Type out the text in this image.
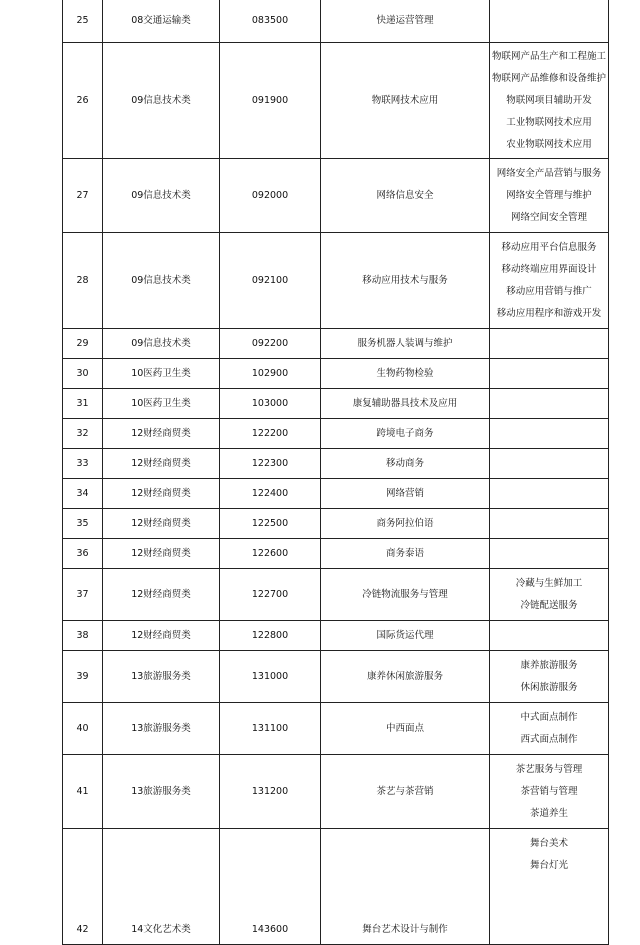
25	08交通运输类	083500	快递运营管理	
26	09信息技术类	091900	物联网技术应用	物联网产品生产和工程施工
物联网产品维修和设备维护
物联网项目辅助开发
工业物联网技术应用
农业物联网技术应用

27	09信息技术类	092000	网络信息安全	网络安全产品营销与服务
网络安全管理与维护
网络空间安全管理

28	09信息技术类	092100	移动应用技术与服务	移动应用平台信息服务
移动终端应用界面设计
移动应用营销与推广
移动应用程序和游戏开发

29	09信息技术类	092200	服务机器人装调与维护	
30	10医药卫生类	102900	生物药物检验	
31	10医药卫生类	103000	康复辅助器具技术及应用	
32	12财经商贸类	122200	跨境电子商务	
33	12财经商贸类	122300	移动商务	
34	12财经商贸类	122400	网络营销	
35	12财经商贸类	122500	商务阿拉伯语	
36	12财经商贸类	122600	商务泰语	
37	12财经商贸类	122700	冷链物流服务与管理	冷藏与生鲜加工
冷链配送服务

38	12财经商贸类	122800	国际货运代理	
39	13旅游服务类	131000	康养休闲旅游服务	康养旅游服务
休闲旅游服务

40	13旅游服务类	131100	中西面点	中式面点制作
西式面点制作

41	13旅游服务类	131200	茶艺与茶营销	茶艺服务与管理
茶营销与管理
茶道养生

42	14文化艺术类	143600	舞台艺术设计与制作	舞台美术
舞台灯光
